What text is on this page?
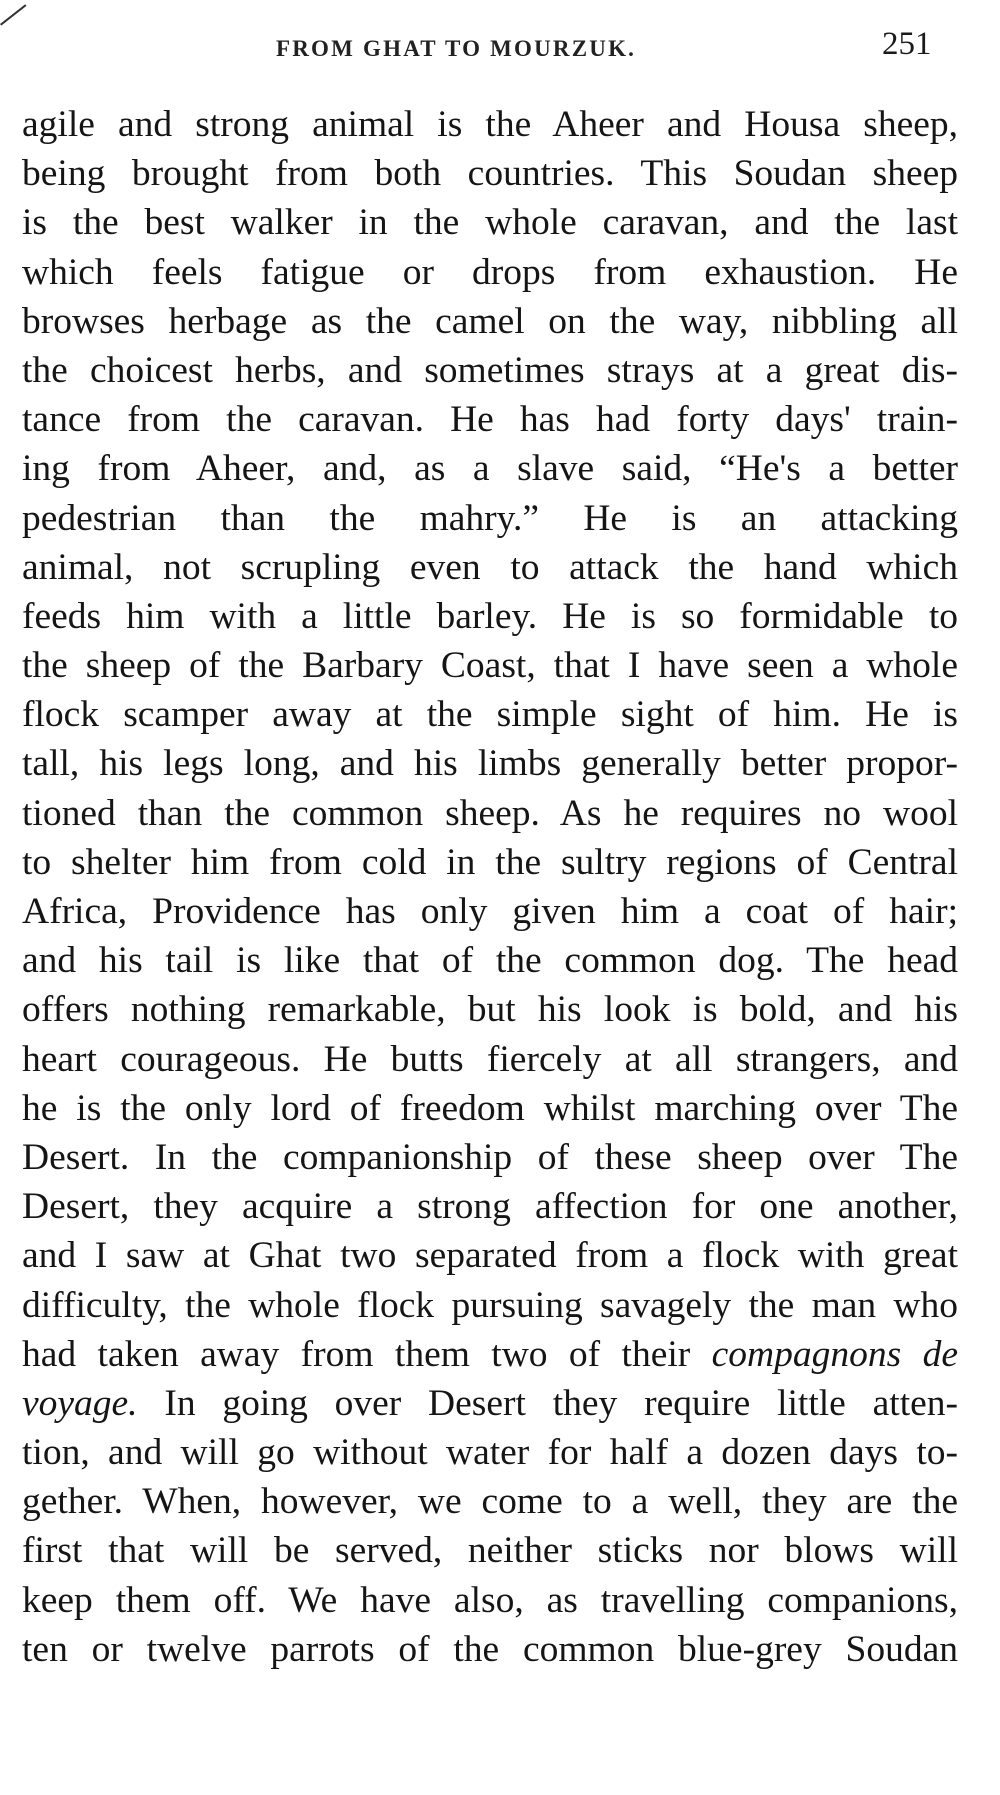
FROM GHAT TO MOURZUK.	251
agile and strong animal is the Aheer and Housa sheep,
being brought from both countries. This Soudan sheep
is the best walker in the whole caravan, and the last
which feels fatigue or drops from exhaustion. He
browses herbage as the camel on the way, nibbling all
the choicest herbs, and sometimes strays at a great dis-
tance from the caravan. He has had forty days' train-
ing from Aheer, and, as a slave said, “He's a better
pedestrian than the mahry.” He is an attacking
animal, not scrupling even to attack the hand which
feeds him with a little barley. He is so formidable to
the sheep of the Barbary Coast, that I have seen a whole
flock scamper away at the simple sight of him. He is
tall, his legs long, and his limbs generally better propor-
tioned than the common sheep. As he requires no wool
to shelter him from cold in the sultry regions of Central
Africa, Providence has only given him a coat of hair;
and his tail is like that of the common dog. The head
offers nothing remarkable, but his look is bold, and his
heart courageous. He butts fiercely at all strangers, and
he is the only lord of freedom whilst marching over The
Desert. In the companionship of these sheep over The
Desert, they acquire a strong affection for one another,
and I saw at Ghat two separated from a flock with great
difficulty, the whole flock pursuing savagely the man who
had taken away from them two of their compagnons de
voyage. In going over Desert they require little atten-
tion, and will go without water for half a dozen days to-
gether. When, however, we come to a well, they are the
first that will be served, neither sticks nor blows will
keep them off. We have also, as travelling companions,
ten or twelve parrots of the common blue-grey Soudan
